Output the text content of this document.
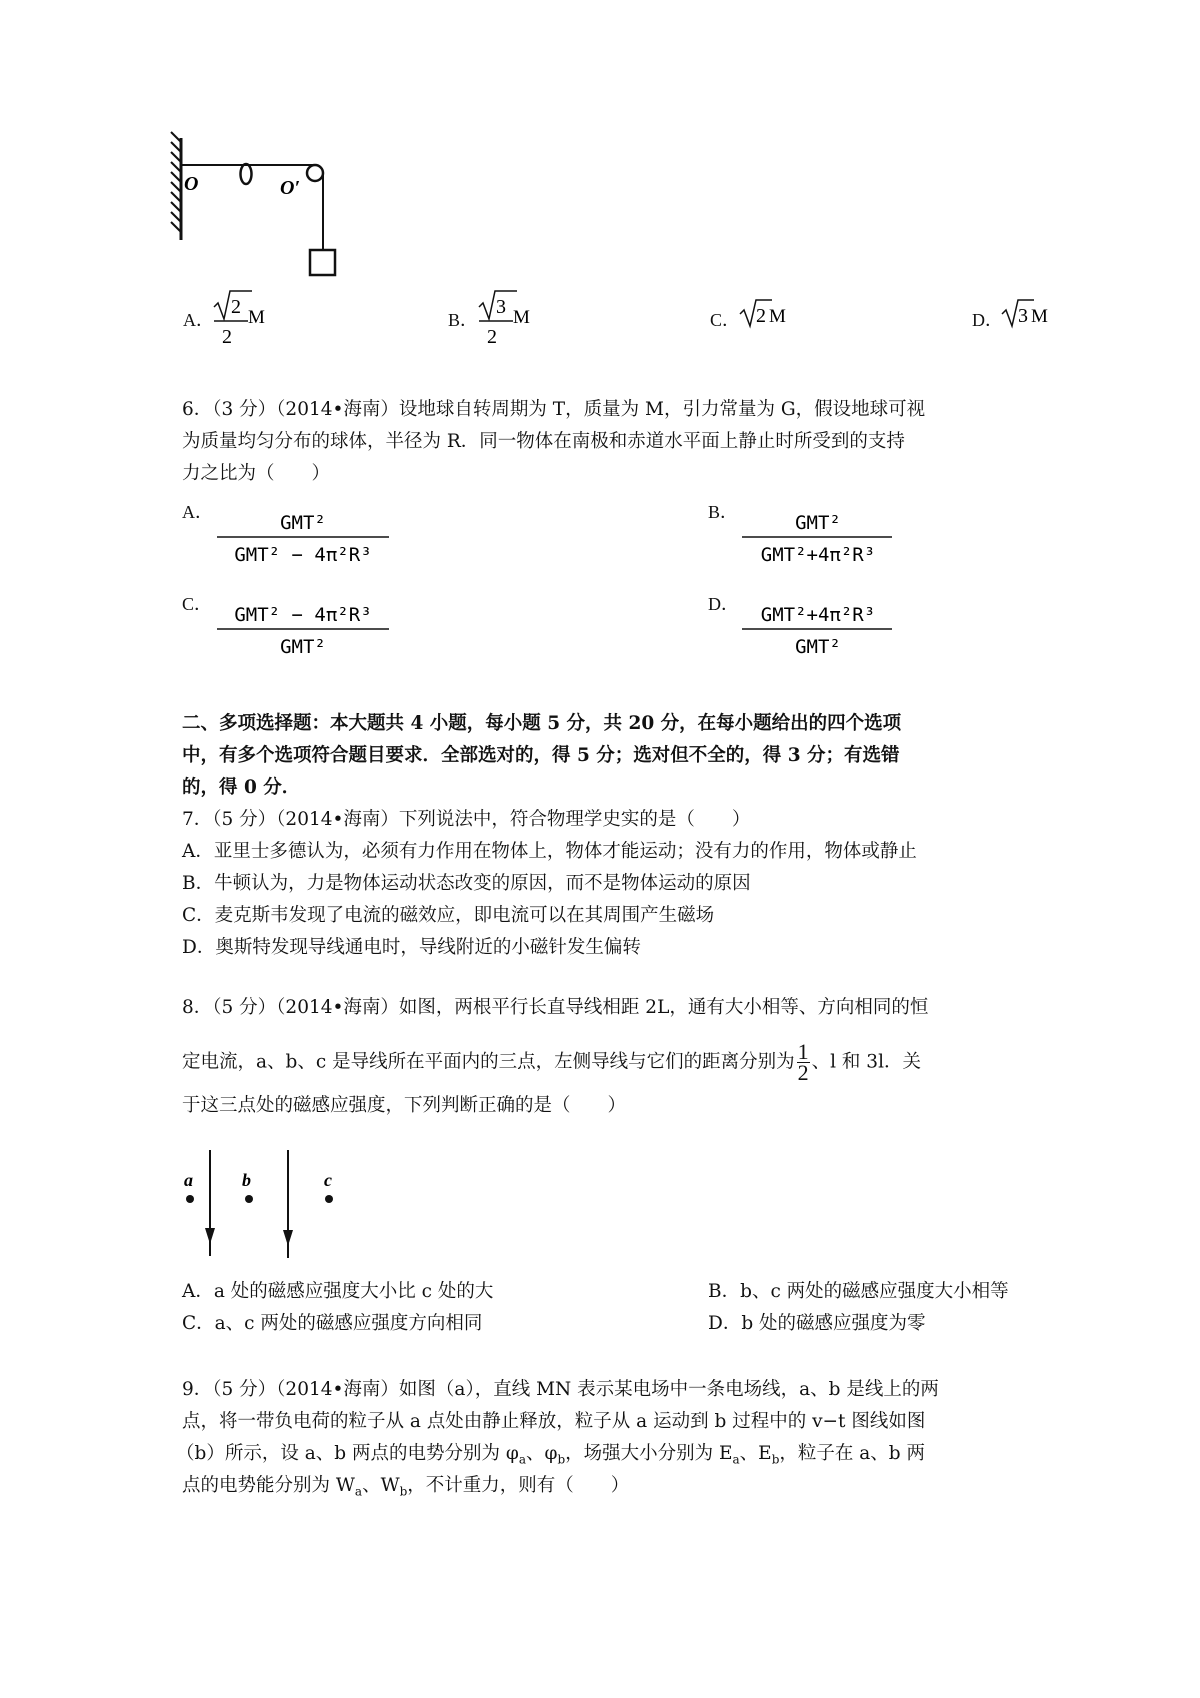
O	O′
A．
2
2
M	B．
3
2
M	C． 2 M	D． 3 M
6．（3 分）（2014•海南）设地球自转周期为 T，质量为 M，引力常量为 G，假设地球可视
为质量均匀分布的球体，半径为 R．同一物体在南极和赤道水平面上静止时所受到的支持
力之比为（　　）
A．	GMT²
GMT² − 4π²R³
B．	GMT²
GMT²+4π²R³
C． GMT² − 4π²R³
GMT²
D． GMT²+4π²R³
GMT²
二、多项选择题：本大题共 4 小题，每小题 5 分，共 20 分，在每小题给出的四个选项
中，有多个选项符合题目要求．全部选对的，得 5 分；选对但不全的，得 3 分；有选错
的，得 0 分．
7．（5 分）（2014•海南）下列说法中，符合物理学史实的是（　　）
A．亚里士多德认为，必须有力作用在物体上，物体才能运动；没有力的作用，物体或静止
B．牛顿认为，力是物体运动状态改变的原因，而不是物体运动的原因
C．麦克斯韦发现了电流的磁效应，即电流可以在其周围产生磁场
D．奥斯特发现导线通电时，导线附近的小磁针发生偏转
8．（5 分）（2014•海南）如图，两根平行长直导线相距 2L，通有大小相等、方向相同的恒
定电流，a、b、c 是导线所在平面内的三点，左侧导线与它们的距离分别为 $\frac{1}{2}$ 、l 和 3l．关
于这三点处的磁感应强度，下列判断正确的是（　　）
a	b	c
A．a 处的磁感应强度大小比 c 处的大	B．b、c 两处的磁感应强度大小相等
C．a、c 两处的磁感应强度方向相同	D．b 处的磁感应强度为零
9．（5 分）（2014•海南）如图（a），直线 MN 表示某电场中一条电场线，a、b 是线上的两
点，将一带负电荷的粒子从 a 点处由静止释放，粒子从 a 运动到 b 过程中的 v−t 图线如图
（b）所示，设 a、b 两点的电势分别为 $\varphi_a$、$\varphi_b$，场强大小分别为 $E_a$、$E_b$，粒子在 a、b 两
点的电势能分别为 $W_a$、$W_b$，不计重力，则有（　　）
